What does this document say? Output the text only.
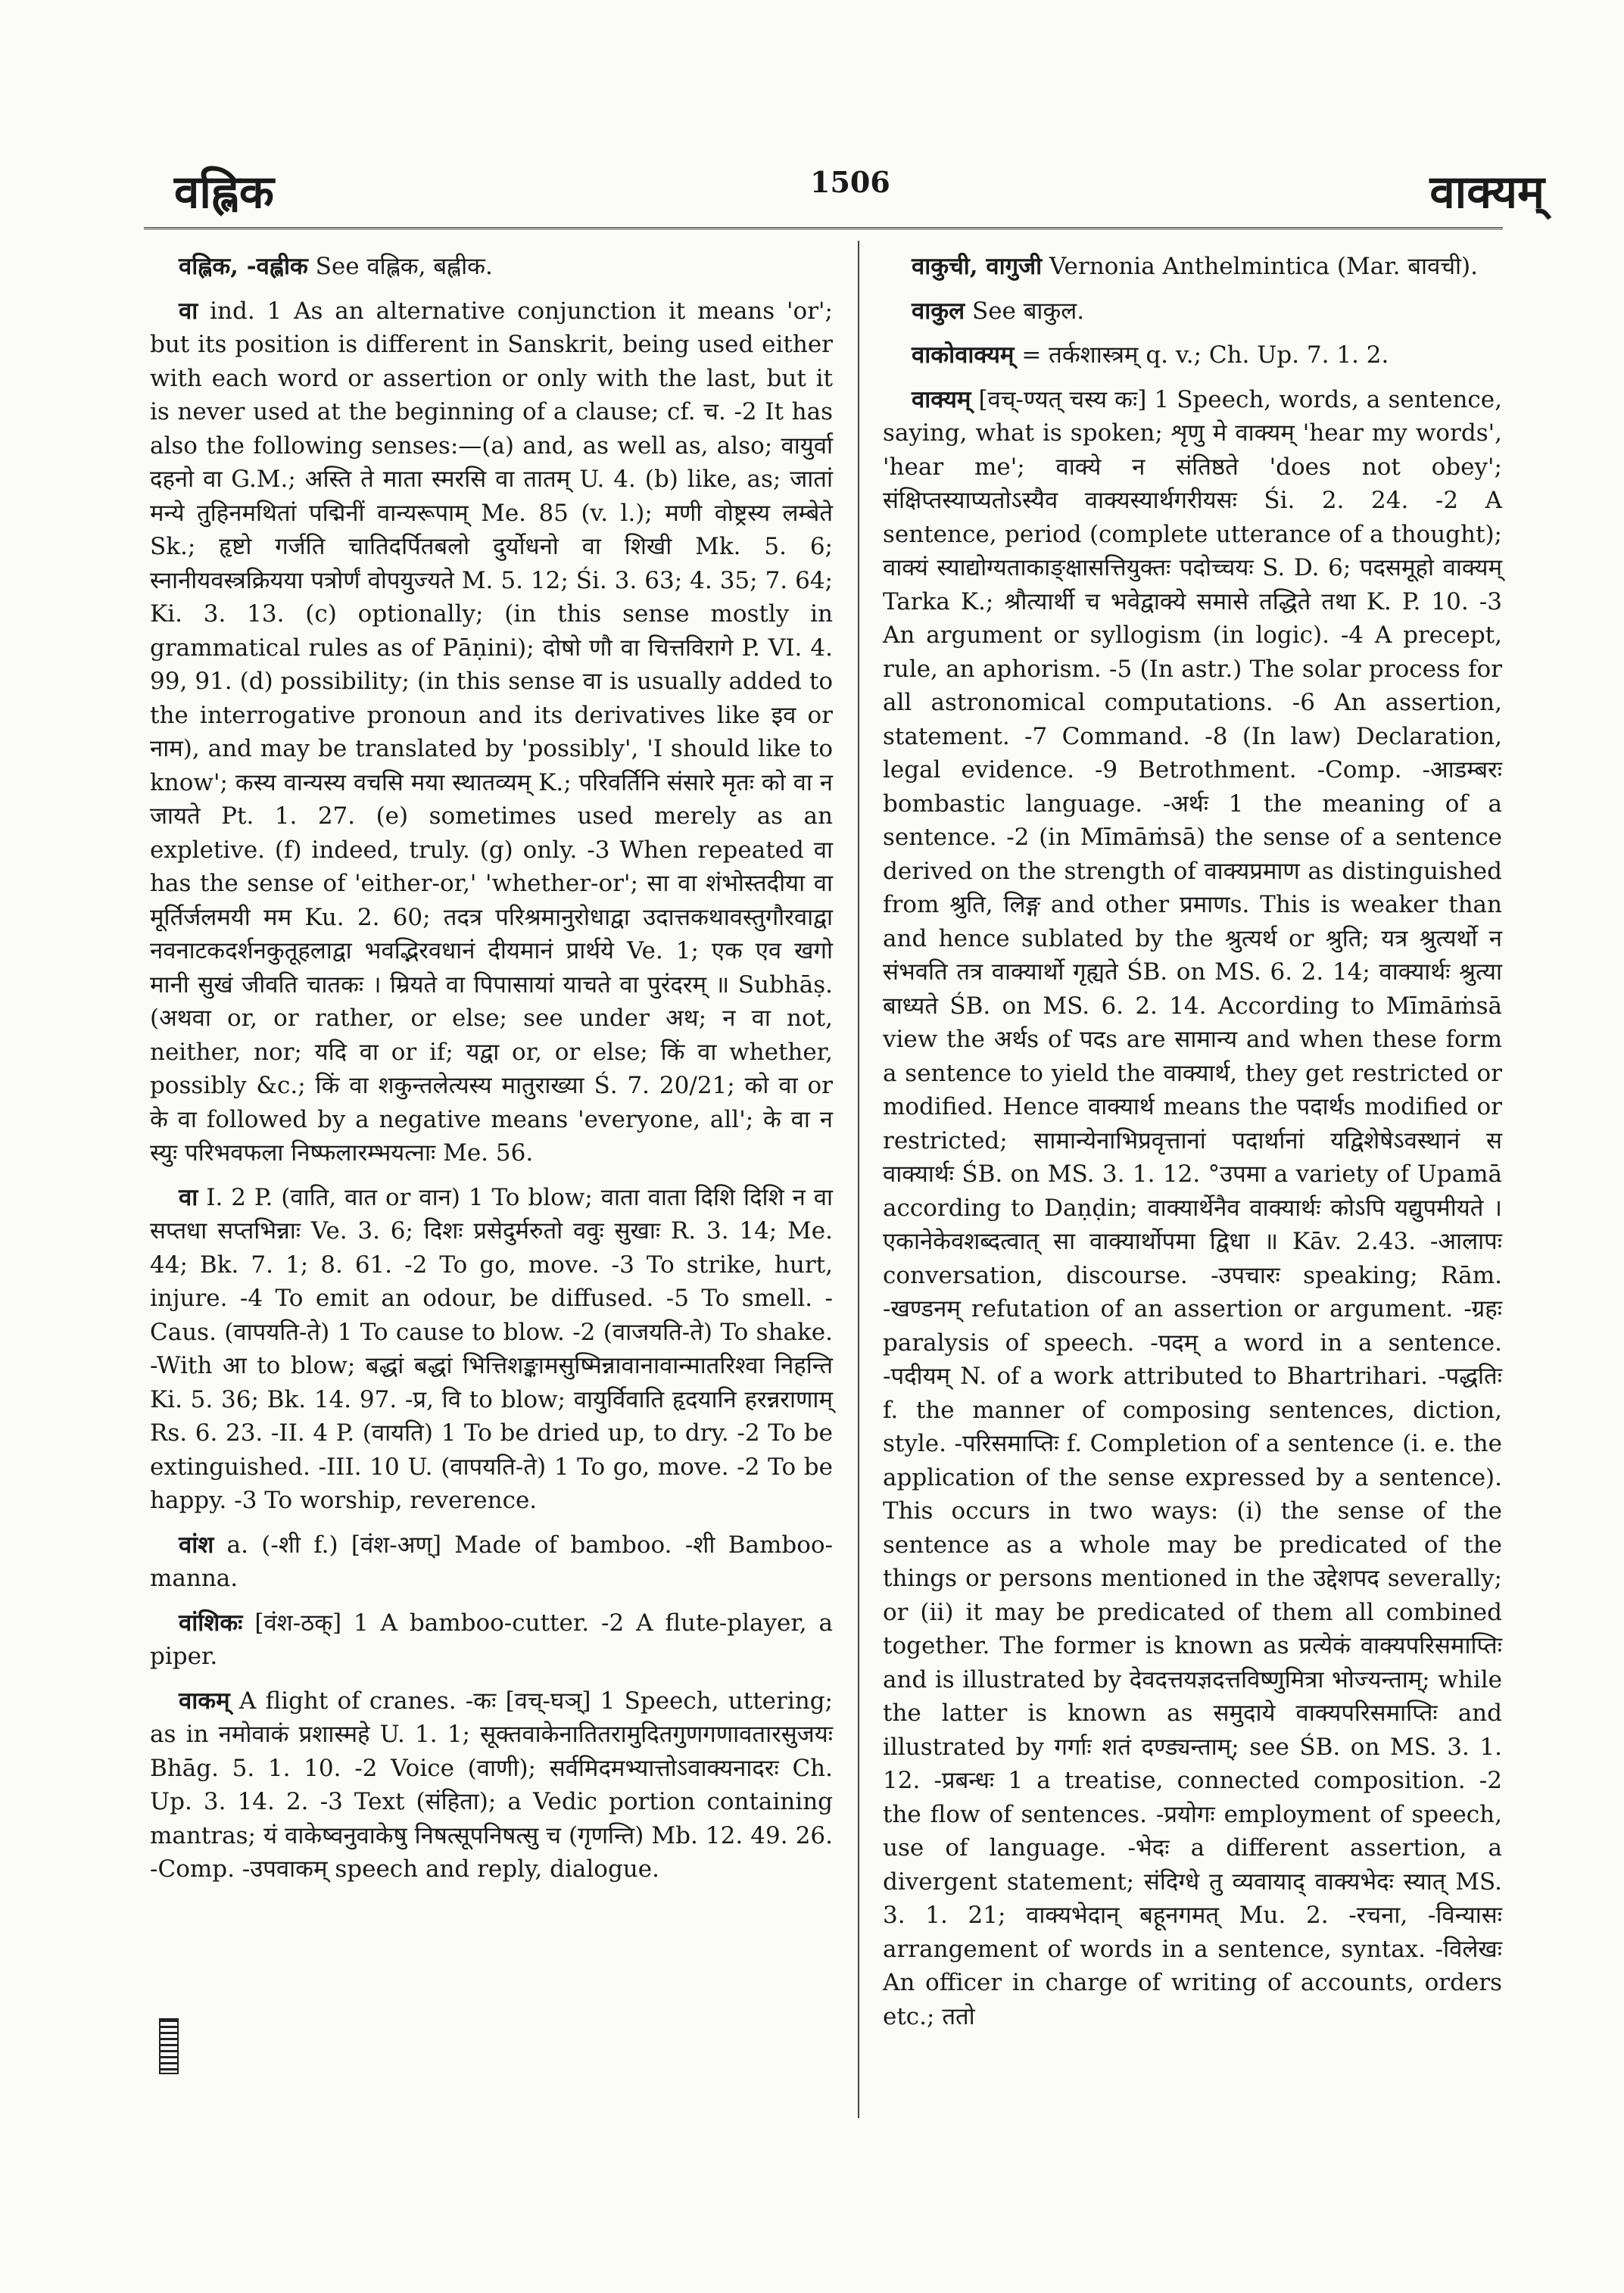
वह्लिक	1506	वाक्यम्

वह्लिक, -वह्लीक See वह्लिक, बह्लीक.

वा ind. 1 As an alternative conjunction it means 'or'; but its position is different in Sanskrit, being used either with each word or assertion or only with the last, but it is never used at the beginning of a clause; cf. च. -2 It has also the following senses:—(a) and, as well as, also; वायुर्वा दहनो वा G.M.; अस्ति ते माता स्मरसि वा तातम् U. 4. (b) like, as; जातां मन्ये तुहिनमथितां पद्मिनीं वान्यरूपाम् Me. 85 (v. l.); मणी वोष्ट्रस्य लम्बेते Sk.; हृष्टो गर्जति चातिदर्पितबलो दुर्योधनो वा शिखी Mk. 5. 6; स्नानीयवस्त्रक्रियया पत्रोर्णं वोपयुज्यते M. 5. 12; Śi. 3. 63; 4. 35; 7. 64; Ki. 3. 13. (c) optionally; (in this sense mostly in grammatical rules as of Pāṇini); दोषो णौ वा चित्तविरागे P. VI. 4. 99, 91. (d) possibility; (in this sense वा is usually added to the interrogative pronoun and its derivatives like इव or नाम), and may be translated by 'possibly', 'I should like to know'; कस्य वान्यस्य वचसि मया स्थातव्यम् K.; परिवर्तिनि संसारे मृतः को वा न जायते Pt. 1. 27. (e) sometimes used merely as an expletive. (f) indeed, truly. (g) only. -3 When repeated वा has the sense of 'either-or,' 'whether-or'; सा वा शंभोस्तदीया वा मूर्तिर्जलमयी मम Ku. 2. 60; तदत्र परिश्रमानुरोधाद्वा उदात्तकथावस्तुगौरवाद्वा नवनाटकदर्शनकुतूहलाद्वा भवद्भिरवधानं दीयमानं प्रार्थये Ve. 1; एक एव खगो मानी सुखं जीवति चातकः । म्रियते वा पिपासायां याचते वा पुरंदरम् ॥ Subhāṣ. (अथवा or, or rather, or else; see under अथ; न वा not, neither, nor; यदि वा or if; यद्वा or, or else; किं वा whether, possibly &c.; किं वा शकुन्तलेत्यस्य मातुराख्या Ś. 7. 20/21; को वा or के वा followed by a negative means 'everyone, all'; के वा न स्युः परिभवफला निष्फलारम्भयत्नाः Me. 56.

वा I. 2 P. (वाति, वात or वान) 1 To blow; वाता वाता दिशि दिशि न वा सप्तधा सप्तभिन्नाः Ve. 3. 6; दिशः प्रसेदुर्मरुतो ववुः सुखाः R. 3. 14; Me. 44; Bk. 7. 1; 8. 61. -2 To go, move. -3 To strike, hurt, injure. -4 To emit an odour, be diffused. -5 To smell. -Caus. (वापयति-ते) 1 To cause to blow. -2 (वाजयति-ते) To shake. -With आ to blow; बद्धां बद्धां भित्तिशङ्कामसुष्मिन्नावानावान्मातरिश्वा निहन्ति Ki. 5. 36; Bk. 14. 97. -प्र, वि to blow; वायुर्विवाति हृदयानि हरन्नराणाम् Rs. 6. 23. -II. 4 P. (वायति) 1 To be dried up, to dry. -2 To be extinguished. -III. 10 U. (वापयति-ते) 1 To go, move. -2 To be happy. -3 To worship, reverence.

वांश a. (-शी f.) [वंश-अण्] Made of bamboo. -शी Bamboo-manna.

वांशिकः [वंश-ठक्] 1 A bamboo-cutter. -2 A flute-player, a piper.

वाकम् A flight of cranes. -कः [वच्-घञ्] 1 Speech, uttering; as in नमोवाकं प्रशास्महे U. 1. 1; सूक्तवाकेनातितरामुदितगुणगणावतारसुजयः Bhāg. 5. 1. 10. -2 Voice (वाणी); सर्वमिदमभ्यात्तोऽवाक्यनादरः Ch. Up. 3. 14. 2. -3 Text (संहिता); a Vedic portion containing mantras; यं वाकेष्वनुवाकेषु निषत्सूपनिषत्सु च (गृणन्ति) Mb. 12. 49. 26. -Comp. -उपवाकम् speech and reply, dialogue.

वाकुची, वागुजी Vernonia Anthelmintica (Mar. बावची).

वाकुल See बाकुल.

वाकोवाक्यम् = तर्कशास्त्रम् q. v.; Ch. Up. 7. 1. 2.

वाक्यम् [वच्-ण्यत् चस्य कः] 1 Speech, words, a sentence, saying, what is spoken; शृणु मे वाक्यम् 'hear my words', 'hear me'; वाक्ये न संतिष्ठते 'does not obey'; संक्षिप्तस्याप्यतोऽस्यैव वाक्यस्यार्थगरीयसः Śi. 2. 24. -2 A sentence, period (complete utterance of a thought); वाक्यं स्याद्योग्यताकाङ्क्षासत्तियुक्तः पदोच्चयः S. D. 6; पदसमूहो वाक्यम् Tarka K.; श्रौत्यार्थी च भवेद्वाक्ये समासे तद्धिते तथा K. P. 10. -3 An argument or syllogism (in logic). -4 A precept, rule, an aphorism. -5 (In astr.) The solar process for all astronomical computations. -6 An assertion, statement. -7 Command. -8 (In law) Declaration, legal evidence. -9 Betrothment. -Comp. -आडम्बरः bombastic language. -अर्थः 1 the meaning of a sentence. -2 (in Mīmāṁsā) the sense of a sentence derived on the strength of वाक्यप्रमाण as distinguished from श्रुति, लिङ्ग and other प्रमाणs. This is weaker than and hence sublated by the श्रुत्यर्थ or श्रुति; यत्र श्रुत्यर्थो न संभवति तत्र वाक्यार्थो गृह्यते ŚB. on MS. 6. 2. 14; वाक्यार्थः श्रुत्या बाध्यते ŚB. on MS. 6. 2. 14. According to Mīmāṁsā view the अर्थs of पदs are सामान्य and when these form a sentence to yield the वाक्यार्थ, they get restricted or modified. Hence वाक्यार्थ means the पदार्थs modified or restricted; सामान्येनाभिप्रवृत्तानां पदार्थानां यद्विशेषेऽवस्थानं स वाक्यार्थः ŚB. on MS. 3. 1. 12. °उपमा a variety of Upamā according to Daṇḍin; वाक्यार्थेनैव वाक्यार्थः कोऽपि यद्युपमीयते । एकानेकेवशब्दत्वात् सा वाक्यार्थोपमा द्विधा ॥ Kāv. 2.43. -आलापः conversation, discourse. -उपचारः speaking; Rām. -खण्डनम् refutation of an assertion or argument. -ग्रहः paralysis of speech. -पदम् a word in a sentence. -पदीयम् N. of a work attributed to Bhartrihari. -पद्धतिः f. the manner of composing sentences, diction, style. -परिसमाप्तिः f. Completion of a sentence (i. e. the application of the sense expressed by a sentence). This occurs in two ways: (i) the sense of the sentence as a whole may be predicated of the things or persons mentioned in the उद्देशपद severally; or (ii) it may be predicated of them all combined together. The former is known as प्रत्येकं वाक्यपरिसमाप्तिः and is illustrated by देवदत्तयज्ञदत्तविष्णुमित्रा भोज्यन्ताम्; while the latter is known as समुदाये वाक्यपरिसमाप्तिः and illustrated by गर्गाः शतं दण्ड्यन्ताम्; see ŚB. on MS. 3. 1. 12. -प्रबन्धः 1 a treatise, connected composition. -2 the flow of sentences. -प्रयोगः employment of speech, use of language. -भेदः a different assertion, a divergent statement; संदिग्धे तु व्यवायाद् वाक्यभेदः स्यात् MS. 3. 1. 21; वाक्यभेदान् बहूनगमत् Mu. 2. -रचना, -विन्यासः arrangement of words in a sentence, syntax. -विलेखः An officer in charge of writing of accounts, orders etc.; ततो
